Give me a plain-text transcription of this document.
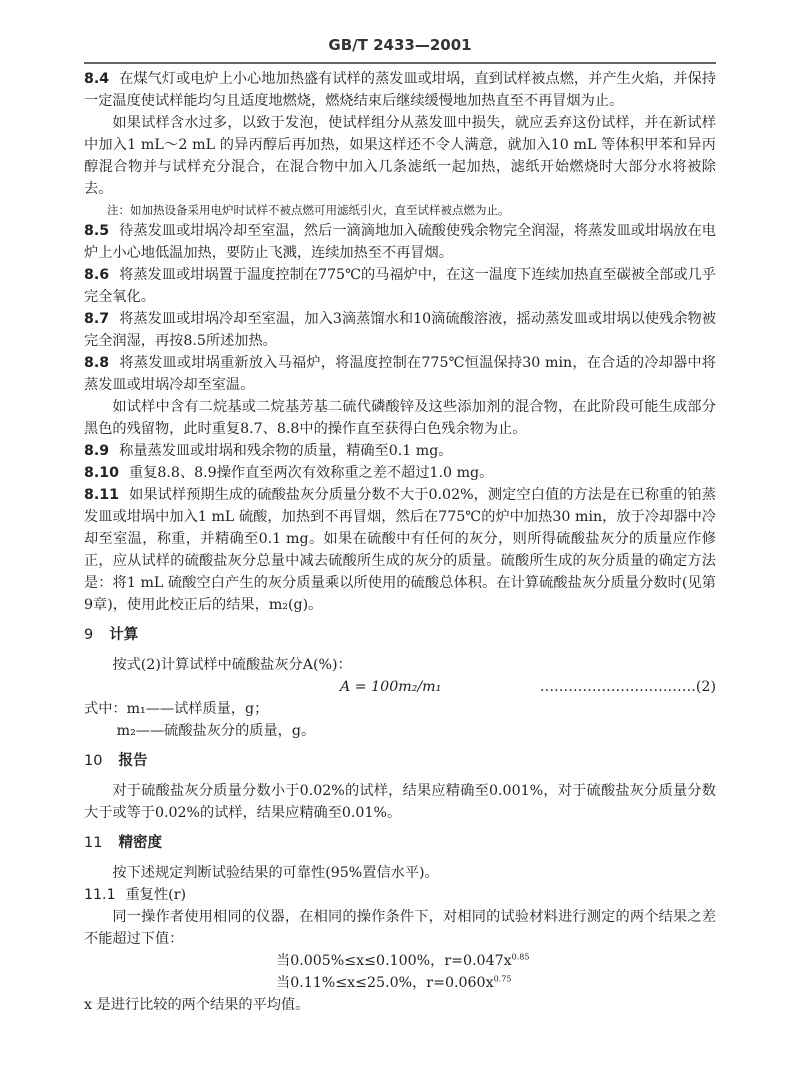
GB/T 2433—2001
8.4 在煤气灯或电炉上小心地加热盛有试样的蒸发皿或坩埚，直到试样被点燃，并产生火焰，并保持一定温度使试样能均匀且适度地燃烧，燃烧结束后继续缓慢地加热直至不再冒烟为止。
如果试样含水过多，以致于发泡，使试样组分从蒸发皿中损失，就应丢弃这份试样，并在新试样中加入1 mL～2 mL 的异丙醇后再加热，如果这样还不令人满意，就加入10 mL 等体积甲苯和异丙醇混合物并与试样充分混合，在混合物中加入几条滤纸一起加热，滤纸开始燃烧时大部分水将被除去。
注：如加热设备采用电炉时试样不被点燃可用滤纸引火，直至试样被点燃为止。
8.5 待蒸发皿或坩埚冷却至室温，然后一滴滴地加入硫酸使残余物完全润湿，将蒸发皿或坩埚放在电炉上小心地低温加热，要防止飞溅，连续加热至不再冒烟。
8.6 将蒸发皿或坩埚置于温度控制在775℃的马福炉中，在这一温度下连续加热直至碳被全部或几乎完全氧化。
8.7 将蒸发皿或坩埚冷却至室温，加入3滴蒸馏水和10滴硫酸溶液，摇动蒸发皿或坩埚以使残余物被完全润湿，再按8.5所述加热。
8.8 将蒸发皿或坩埚重新放入马福炉，将温度控制在775℃恒温保持30 min，在合适的冷却器中将蒸发皿或坩埚冷却至室温。
如试样中含有二烷基或二烷基芳基二硫代磷酸锌及这些添加剂的混合物，在此阶段可能生成部分黑色的残留物，此时重复8.7、8.8中的操作直至获得白色残余物为止。
8.9 称量蒸发皿或坩埚和残余物的质量，精确至0.1 mg。
8.10 重复8.8、8.9操作直至两次有效称重之差不超过1.0 mg。
8.11 如果试样预期生成的硫酸盐灰分质量分数不大于0.02%，测定空白值的方法是在已称重的铂蒸发皿或坩埚中加入1 mL 硫酸，加热到不再冒烟，然后在775℃的炉中加热30 min，放于冷却器中冷却至室温，称重，并精确至0.1 mg。如果在硫酸中有任何的灰分，则所得硫酸盐灰分的质量应作修正，应从试样的硫酸盐灰分总量中减去硫酸所生成的灰分的质量。硫酸所生成的灰分质量的确定方法是：将1 mL 硫酸空白产生的灰分质量乘以所使用的硫酸总体积。在计算硫酸盐灰分质量分数时(见第9章)，使用此校正后的结果，m₂(g)。
9 计算
按式(2)计算试样中硫酸盐灰分A(%)：
A = 100m₂/m₁	……………………………(2)
式中：m₁——试样质量，g；
m₂——硫酸盐灰分的质量，g。
10 报告
对于硫酸盐灰分质量分数小于0.02%的试样，结果应精确至0.001%，对于硫酸盐灰分质量分数大于或等于0.02%的试样，结果应精确至0.01%。
11 精密度
按下述规定判断试验结果的可靠性(95%置信水平)。
11.1 重复性(r)
同一操作者使用相同的仪器，在相同的操作条件下，对相同的试验材料进行测定的两个结果之差不能超过下值：
当0.005%≤x≤0.100%，$r=0.047x^{0.85}$
当0.11%≤x≤25.0%，$r=0.060x^{0.75}$
x 是进行比较的两个结果的平均值。
